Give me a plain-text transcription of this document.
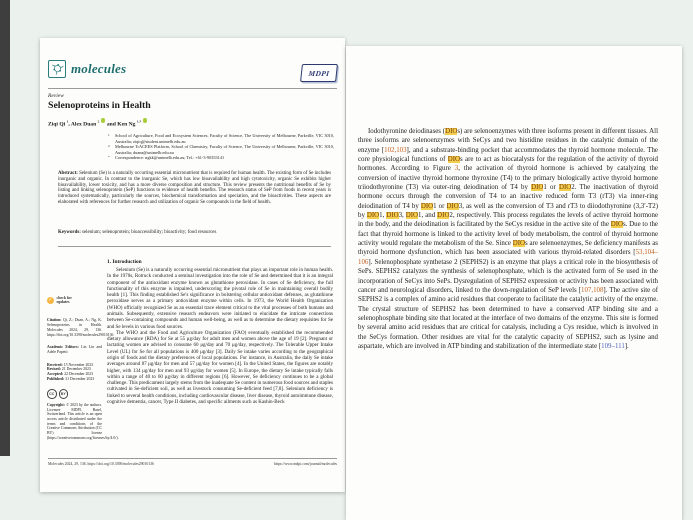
molecules	MDPI
Review
Selenoproteins in Health
Ziqi Qi $^1$, Alex Duan $^2$ and Ken Ng $^{1,*}$
1	School of Agriculture, Food and Ecosystem Sciences, Faculty of Science, The University of Melbourne, Parkville, VIC 3010, Australia; ziqiq@student.unimelb.edu.au
2	Melbourne TrACEES Platform, School of Chemistry, Faculty of Science, The University of Melbourne, Parkville, VIC 3010, Australia; duana@unimelb.edu.au
*	Correspondence: ngkk@unimelb.edu.au; Tel.: +61-3-90353141
Abstract: Selenium (Se) is a naturally occurring essential micronutrient that is required for human health. The existing form of Se includes inorganic and organic. In contrast to the inorganic Se, which has low bioavailability and high cytotoxicity, organic Se exhibits higher bioavailability, lower toxicity, and has a more diverse composition and structure. This review presents the nutritional benefits of Se by listing and linking selenoprotein (SeP) functions to evidence of health benefits. The research status of SeP from foods in recent years is introduced systematically, particularly the sources, biochemical transformation and speciation, and the bioactivities. These aspects are elaborated with references for further research and utilization of organic Se compounds in the field of health.
Keywords: selenium; selenoprotein; bioaccessibility; bioactivity; food resources
1. Introduction

Selenium (Se) is a naturally occurring essential micronutrient that plays an important role in human health. In the 1970s, Rotruck conducted a seminal investigation into the role of Se and determined that it is an integral component of the antioxidant enzyme known as glutathione peroxidase. In cases of Se deficiency, the full functionality of this enzyme is impaired, underscoring the pivotal role of Se in maintaining overall bodily health [1]. This finding established Se's significance in bolstering cellular antioxidant defenses, as glutathione peroxidase serves as a primary antioxidant enzyme within cells. In 1973, the World Health Organization (WHO) officially recognized Se as an essential trace element critical to the vital processes of both humans and animals. Subsequently, extensive research endeavors were initiated to elucidate the intricate connections between Se-containing compounds and human well-being, as well as to determine the dietary requisites for Se and Se levels in various food sources.

The WHO and the Food and Agriculture Organization (FAO) eventually established the recommended dietary allowance (RDA) for Se at 55 μg/day for adult men and women above the age of 19 [2]. Pregnant or lactating women are advised to consume 60 μg/day and 70 μg/day, respectively. The Tolerable Upper Intake Level (UL) for Se for all populations is 400 μg/day [3]. Daily Se intake varies according to the geographical origin of foods and the dietary preferences of local populations. For instance, in Australia, the daily Se intake averages around 87 μg/day for men and 57 μg/day for women [4]. In the United States, the figures are notably higher, with 134 μg/day for men and 93 μg/day for women [5]. In Europe, the dietary Se intake typically falls within a range of 40 to 60 μg/day in different regions [6]. However, Se deficiency continues to be a global challenge. This predicament largely stems from the inadequate Se content in numerous food sources and staples cultivated in Se-deficient soil, as well as livestock consuming Se-deficient feed [7,8]. Selenium deficiency is linked to several health conditions, including cardiovascular disease, liver disease, thyroid autoimmune disease, cognitive dementia, cancer, Type II diabetes, and specific ailments such as Kashin-Beck

✓	check for
updates
Citation: Qi, Z.; Duan, A.; Ng, K. Selenoproteins in Health. Molecules 2024, 29, 136. https://doi.org/10.3390/molecules29010136
Academic Editors: Lin Lin and Adele Papetti
Received: 15 November 2023
Revised: 21 December 2023
Accepted: 22 December 2023
Published: 31 December 2023
CC	BY
Copyright: © 2023 by the authors. Licensee MDPI, Basel, Switzerland. This article is an open access article distributed under the terms and conditions of the Creative Commons Attribution (CC BY) license (https://creativecommons.org/licenses/by/4.0/).
Molecules 2024, 29, 136. https://doi.org/10.3390/molecules29010136	https://www.mdpi.com/journal/molecules
Iodothyronine deiodinases (DIOs) are selenoenzymes with three isoforms present in different tissues. All three isoforms are selenoenzymes with SeCys and two histidine residues in the catalytic domain of the enzyme [102,103], and a substrate-binding pocket that accommodates the thyroid hormone molecule. The core physiological functions of DIOs are to act as biocatalysts for the regulation of the activity of thyroid hormones. According to Figure 3, the activation of thyroid hormone is achieved by catalyzing the conversion of inactive thyroid hormone thyroxine (T4) to the primary biologically active thyroid hormone triiodothyronine (T3) via outer-ring deiodination of T4 by DIO1 or DIO2. The inactivation of thyroid hormone occurs through the conversion of T4 to an inactive reduced form T3 (rT3) via inner-ring deiodination of T4 by DIO1 or DIO3, as well as the conversion of T3 and rT3 to diiodothyronine (3,3′-T2) by DIO1, DIO3, DIO1, and DIO2, respectively. This process regulates the levels of active thyroid hormone in the body, and the deiodination is facilitated by the SeCys residue in the active site of the DIOs. Due to the fact that thyroid hormone is linked to the activity level of body metabolism, the control of thyroid hormone activity would regulate the metabolism of the Se. Since DIOs are selenoenzymes, Se deficiency manifests as thyroid hormone dysfunction, which has been associated with various thyroid-related disorders [53,104–106]. Selenophosphate synthetase 2 (SEPHS2) is an enzyme that plays a critical role in the biosynthesis of SePs. SEPHS2 catalyzes the synthesis of selenophosphate, which is the activated form of Se used in the incorporation of SeCys into SePs. Dysregulation of SEPHS2 expression or activity has been associated with cancer and neurological disorders, linked to the down-regulation of SeP levels [107,108]. The active site of SEPHS2 is a complex of amino acid residues that cooperate to facilitate the catalytic activity of the enzyme. The crystal structure of SEPHS2 has been determined to have a conserved ATP binding site and a selenophosphate binding site that located at the interface of two domains of the enzyme. This site is formed by several amino acid residues that are critical for catalysis, including a Cys residue, which is involved in the SeCys formation. Other residues are vital for the catalytic capacity of SEPHS2, such as lysine and aspartate, which are involved in ATP binding and stabilization of the intermediate state [109–111].
